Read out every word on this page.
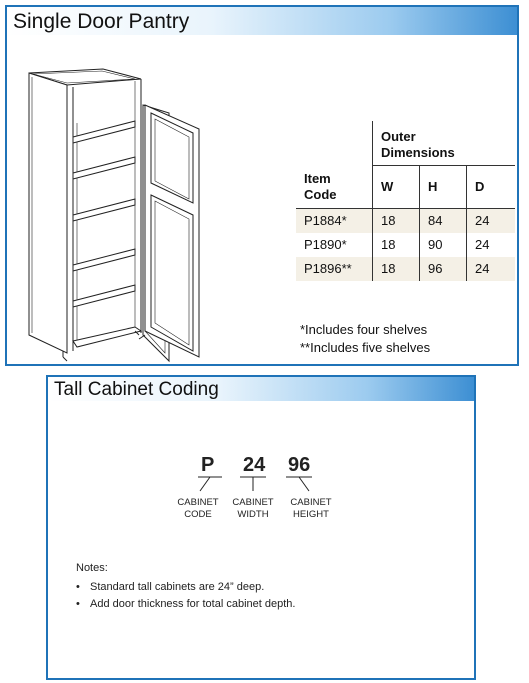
Single Door Pantry

	Outer
Dimensions		

Item
Code	W	H	D
P1884*	18	84	24
P1890*	18	90	24
P1896**	18	96	24
*Includes four shelves
**Includes five shelves
Tall Cabinet Coding
P 24 96
CABINET
CODE
CABINET
WIDTH
CABINET
HEIGHT
Notes:
• Standard tall cabinets are 24” deep.
• Add door thickness for total cabinet depth.
